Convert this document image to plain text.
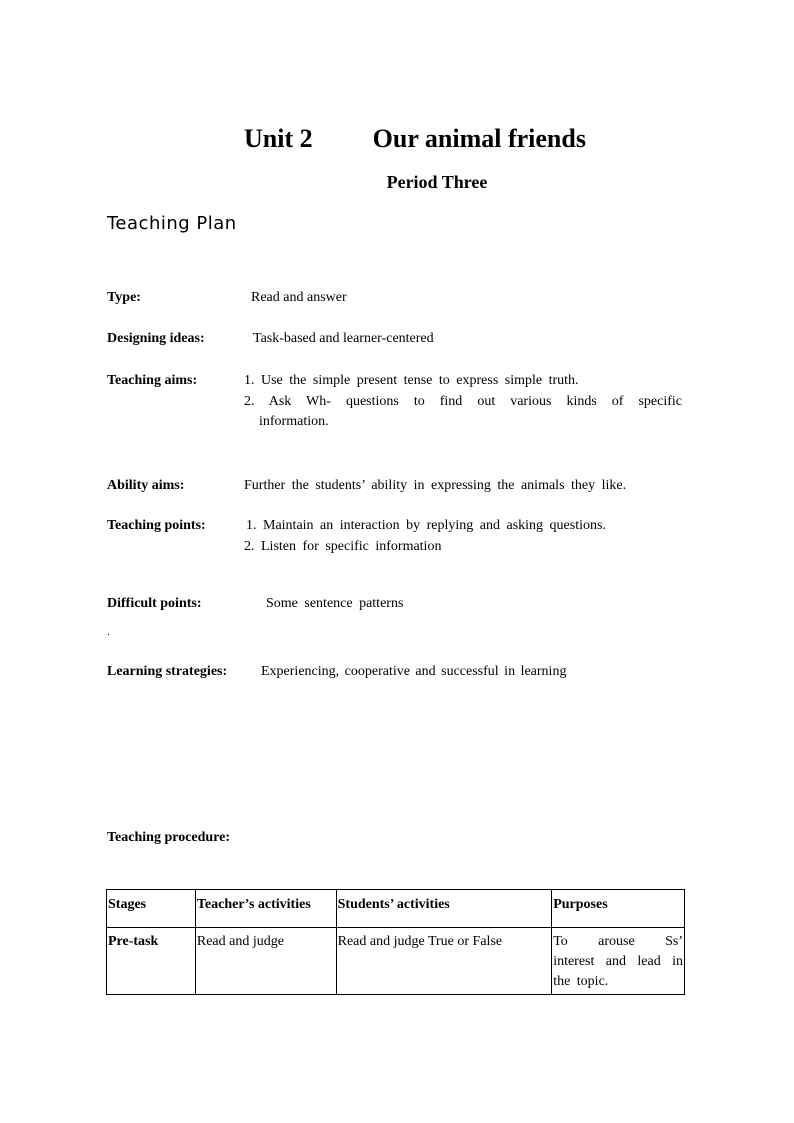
Unit 2 Our animal friends
Period Three
Teaching Plan
Type:	Read and answer
Designing ideas:	Task-based and learner-centered
Teaching aims:	1. Use the simple present tense to express simple truth.
2. Ask Wh- questions to find out various kinds of specific
information.
Ability aims:	Further the students’ ability in expressing the animals they like.
Teaching points:	1. Maintain an interaction by replying and asking questions.
2. Listen for specific information
Difficult points:	Some sentence patterns
.
Learning strategies: Experiencing, cooperative and successful in learning
Teaching procedure:
Stages	Teacher’s activities	Students’ activities	Purposes
Pre-task	Read and judge	Read and judge True or False	To arouse Ss’
interest and lead in
the topic.
